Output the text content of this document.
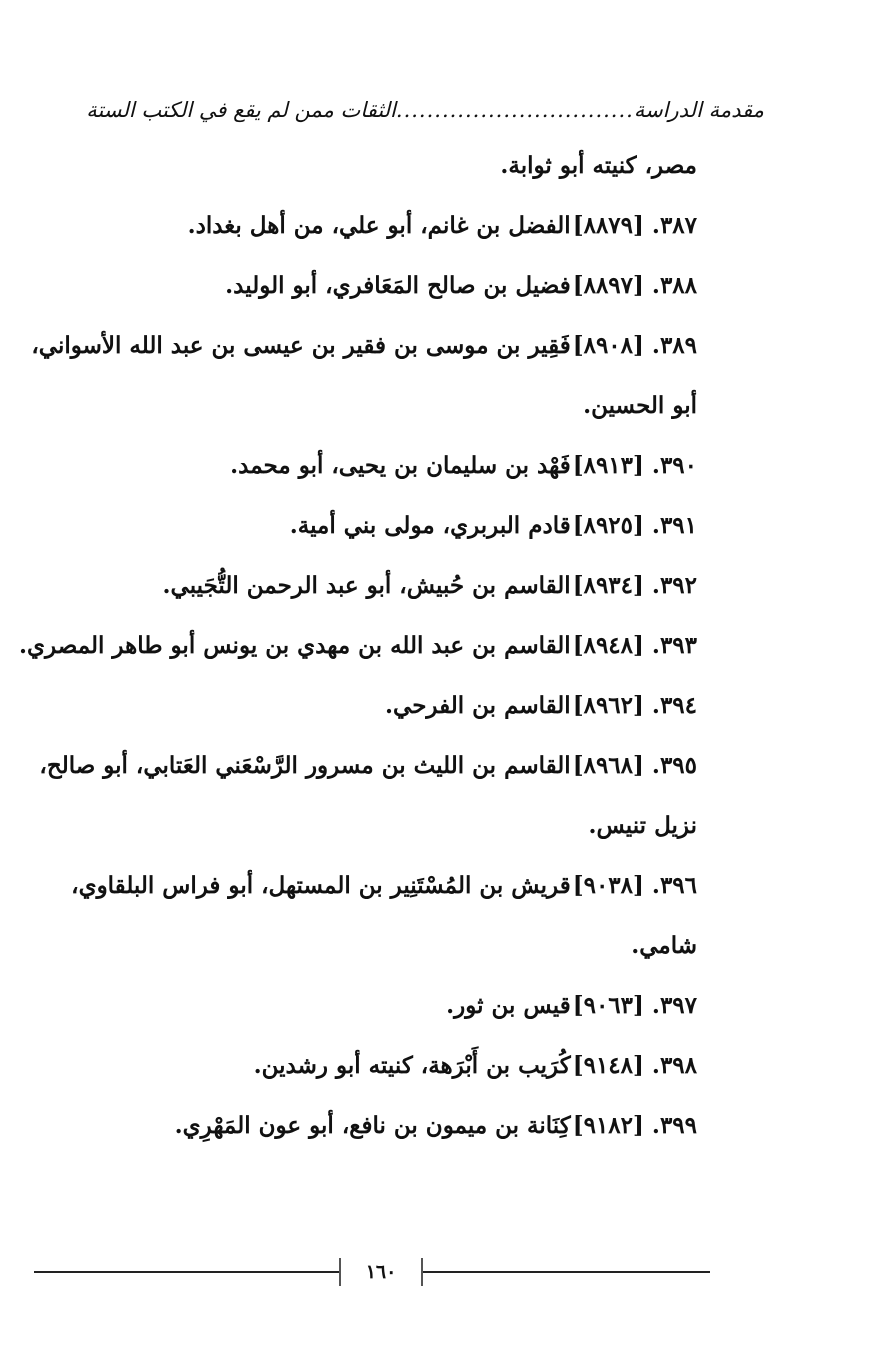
مقدمة الدراسة
...............................
الثقات ممن لم يقع في الكتب الستة
مصر، كنيته أبو ثوابة.
٣٨٧. [٨٨٧٩]الفضل بن غانم، أبو علي، من أهل بغداد.
٣٨٨. [٨٨٩٧]فضيل بن صالح المَعَافري، أبو الوليد.
٣٨٩. [٨٩٠٨]فَقِير بن موسى بن فقير بن عيسى بن عبد الله الأسواني،
أبو الحسين.
٣٩٠. [٨٩١٣]فَهْد بن سليمان بن يحيى، أبو محمد.
٣٩١. [٨٩٢٥]قادم البربري، مولى بني أمية.
٣٩٢. [٨٩٣٤]القاسم بن حُبيش، أبو عبد الرحمن التُّجَيبي.
٣٩٣. [٨٩٤٨]القاسم بن عبد الله بن مهدي بن يونس أبو طاهر المصري.
٣٩٤. [٨٩٦٢]القاسم بن الفرحي.
٣٩٥. [٨٩٦٨]القاسم بن الليث بن مسرور الرَّسْعَني العَتابي، أبو صالح،
نزيل تنيس.
٣٩٦. [٩٠٣٨]قريش بن المُسْتَنِير بن المستهل، أبو فراس البلقاوي،
شامي.
٣٩٧. [٩٠٦٣]قيس بن ثور.
٣٩٨. [٩١٤٨]كُرَيب بن أَبْرَهة، كنيته أبو رشدين.
٣٩٩. [٩١٨٢]كِنَانة بن ميمون بن نافع، أبو عون المَهْرِي.
١٦٠
